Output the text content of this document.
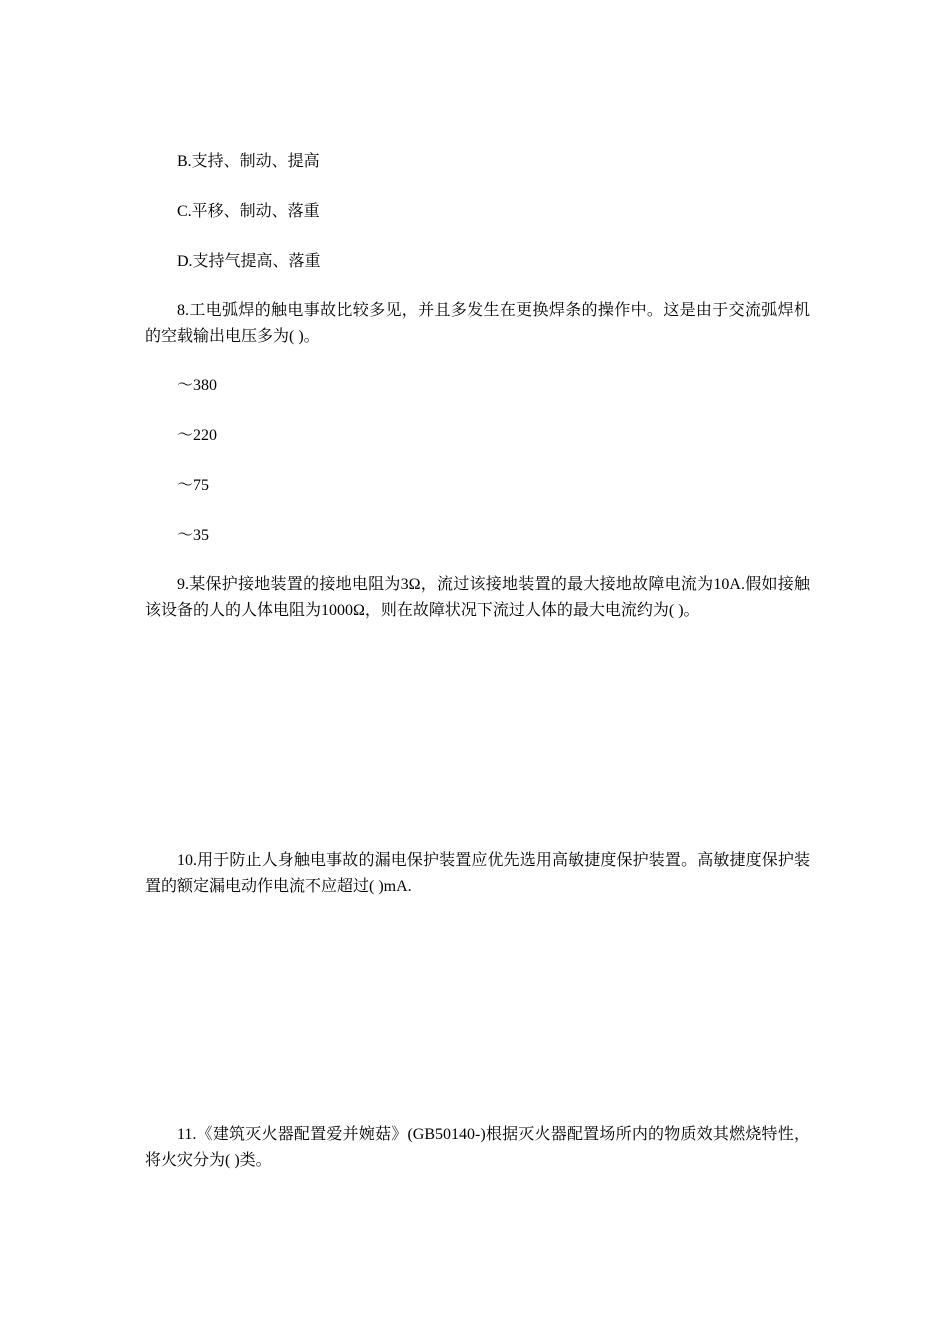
B.支持、制动、提高
C.平移、制动、落重
D.支持气提高、落重
8.工电弧焊的触电事故比较多见，并且多发生在更换焊条的操作中。这是由于交流弧焊机的空载输出电压多为( )。
～380
～220
～75
～35
9.某保护接地装置的接地电阻为3Ω，流过该接地装置的最大接地故障电流为10A.假如接触该设备的人的人体电阻为1000Ω，则在故障状况下流过人体的最大电流约为( )。
10.用于防止人身触电事故的漏电保护装置应优先选用高敏捷度保护装置。高敏捷度保护装置的额定漏电动作电流不应超过( )mA.
11.《建筑灭火器配置爱并婉菇》(GB50140-)根据灭火器配置场所内的物质效其燃烧特性，将火灾分为( )类。
